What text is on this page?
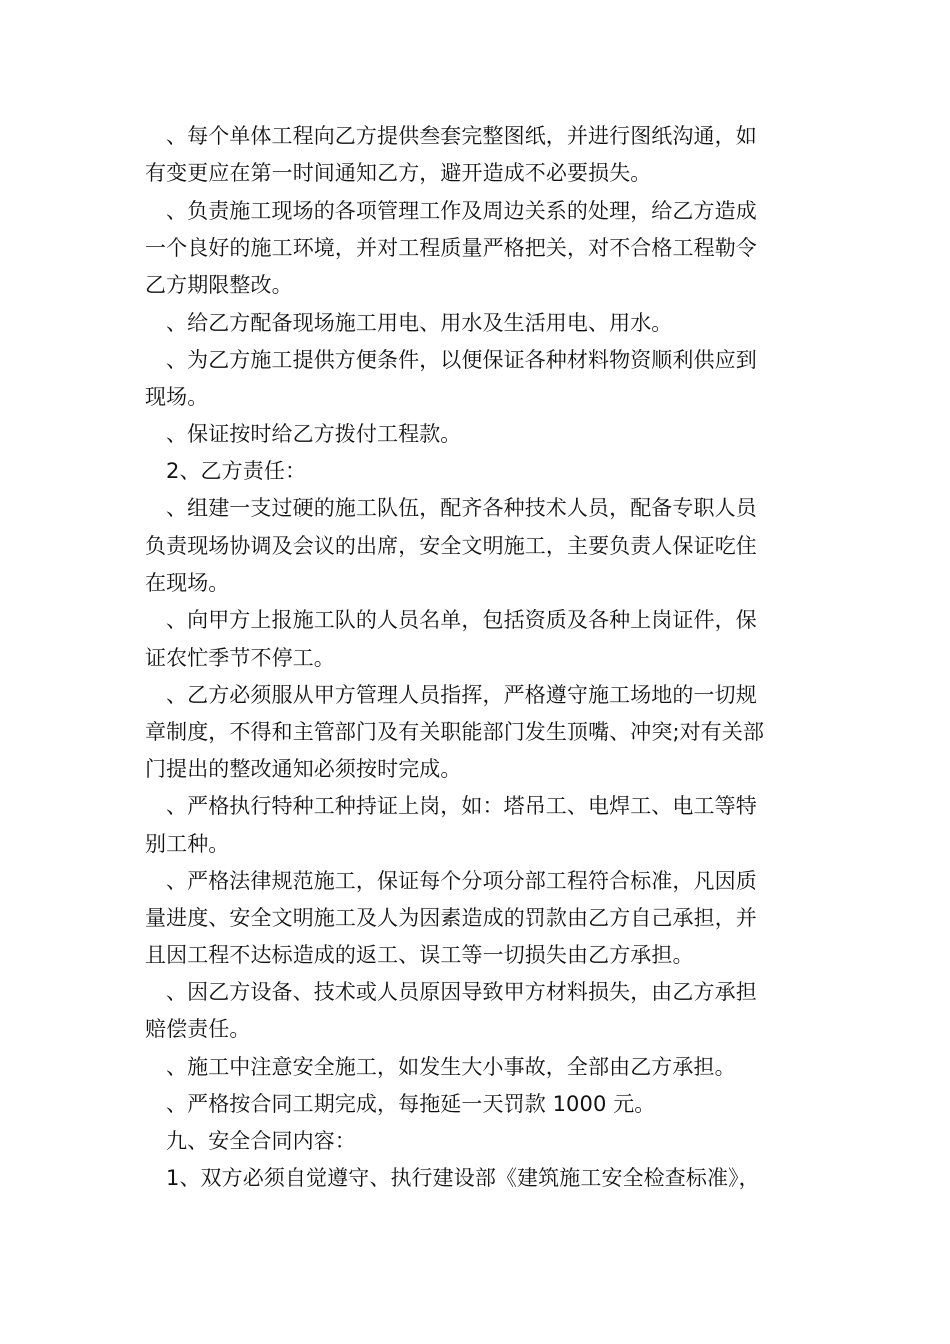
、每个单体工程向乙方提供叁套完整图纸，并进行图纸沟通，如
有变更应在第一时间通知乙方，避开造成不必要损失。
、负责施工现场的各项管理工作及周边关系的处理，给乙方造成
一个良好的施工环境，并对工程质量严格把关，对不合格工程勒令
乙方期限整改。
、给乙方配备现场施工用电、用水及生活用电、用水。
、为乙方施工提供方便条件，以便保证各种材料物资顺利供应到
现场。
、保证按时给乙方拨付工程款。
2、乙方责任：
、组建一支过硬的施工队伍，配齐各种技术人员，配备专职人员
负责现场协调及会议的出席，安全文明施工，主要负责人保证吃住
在现场。
、向甲方上报施工队的人员名单，包括资质及各种上岗证件，保
证农忙季节不停工。
、乙方必须服从甲方管理人员指挥，严格遵守施工场地的一切规
章制度，不得和主管部门及有关职能部门发生顶嘴、冲突;对有关部
门提出的整改通知必须按时完成。
、严格执行特种工种持证上岗，如：塔吊工、电焊工、电工等特
别工种。
、严格法律规范施工，保证每个分项分部工程符合标准，凡因质
量进度、安全文明施工及人为因素造成的罚款由乙方自己承担，并
且因工程不达标造成的返工、误工等一切损失由乙方承担。
、因乙方设备、技术或人员原因导致甲方材料损失，由乙方承担
赔偿责任。
、施工中注意安全施工，如发生大小事故，全部由乙方承担。
、严格按合同工期完成，每拖延一天罚款 1000 元。
九、安全合同内容：
1、双方必须自觉遵守、执行建设部《建筑施工安全检查标准》，
